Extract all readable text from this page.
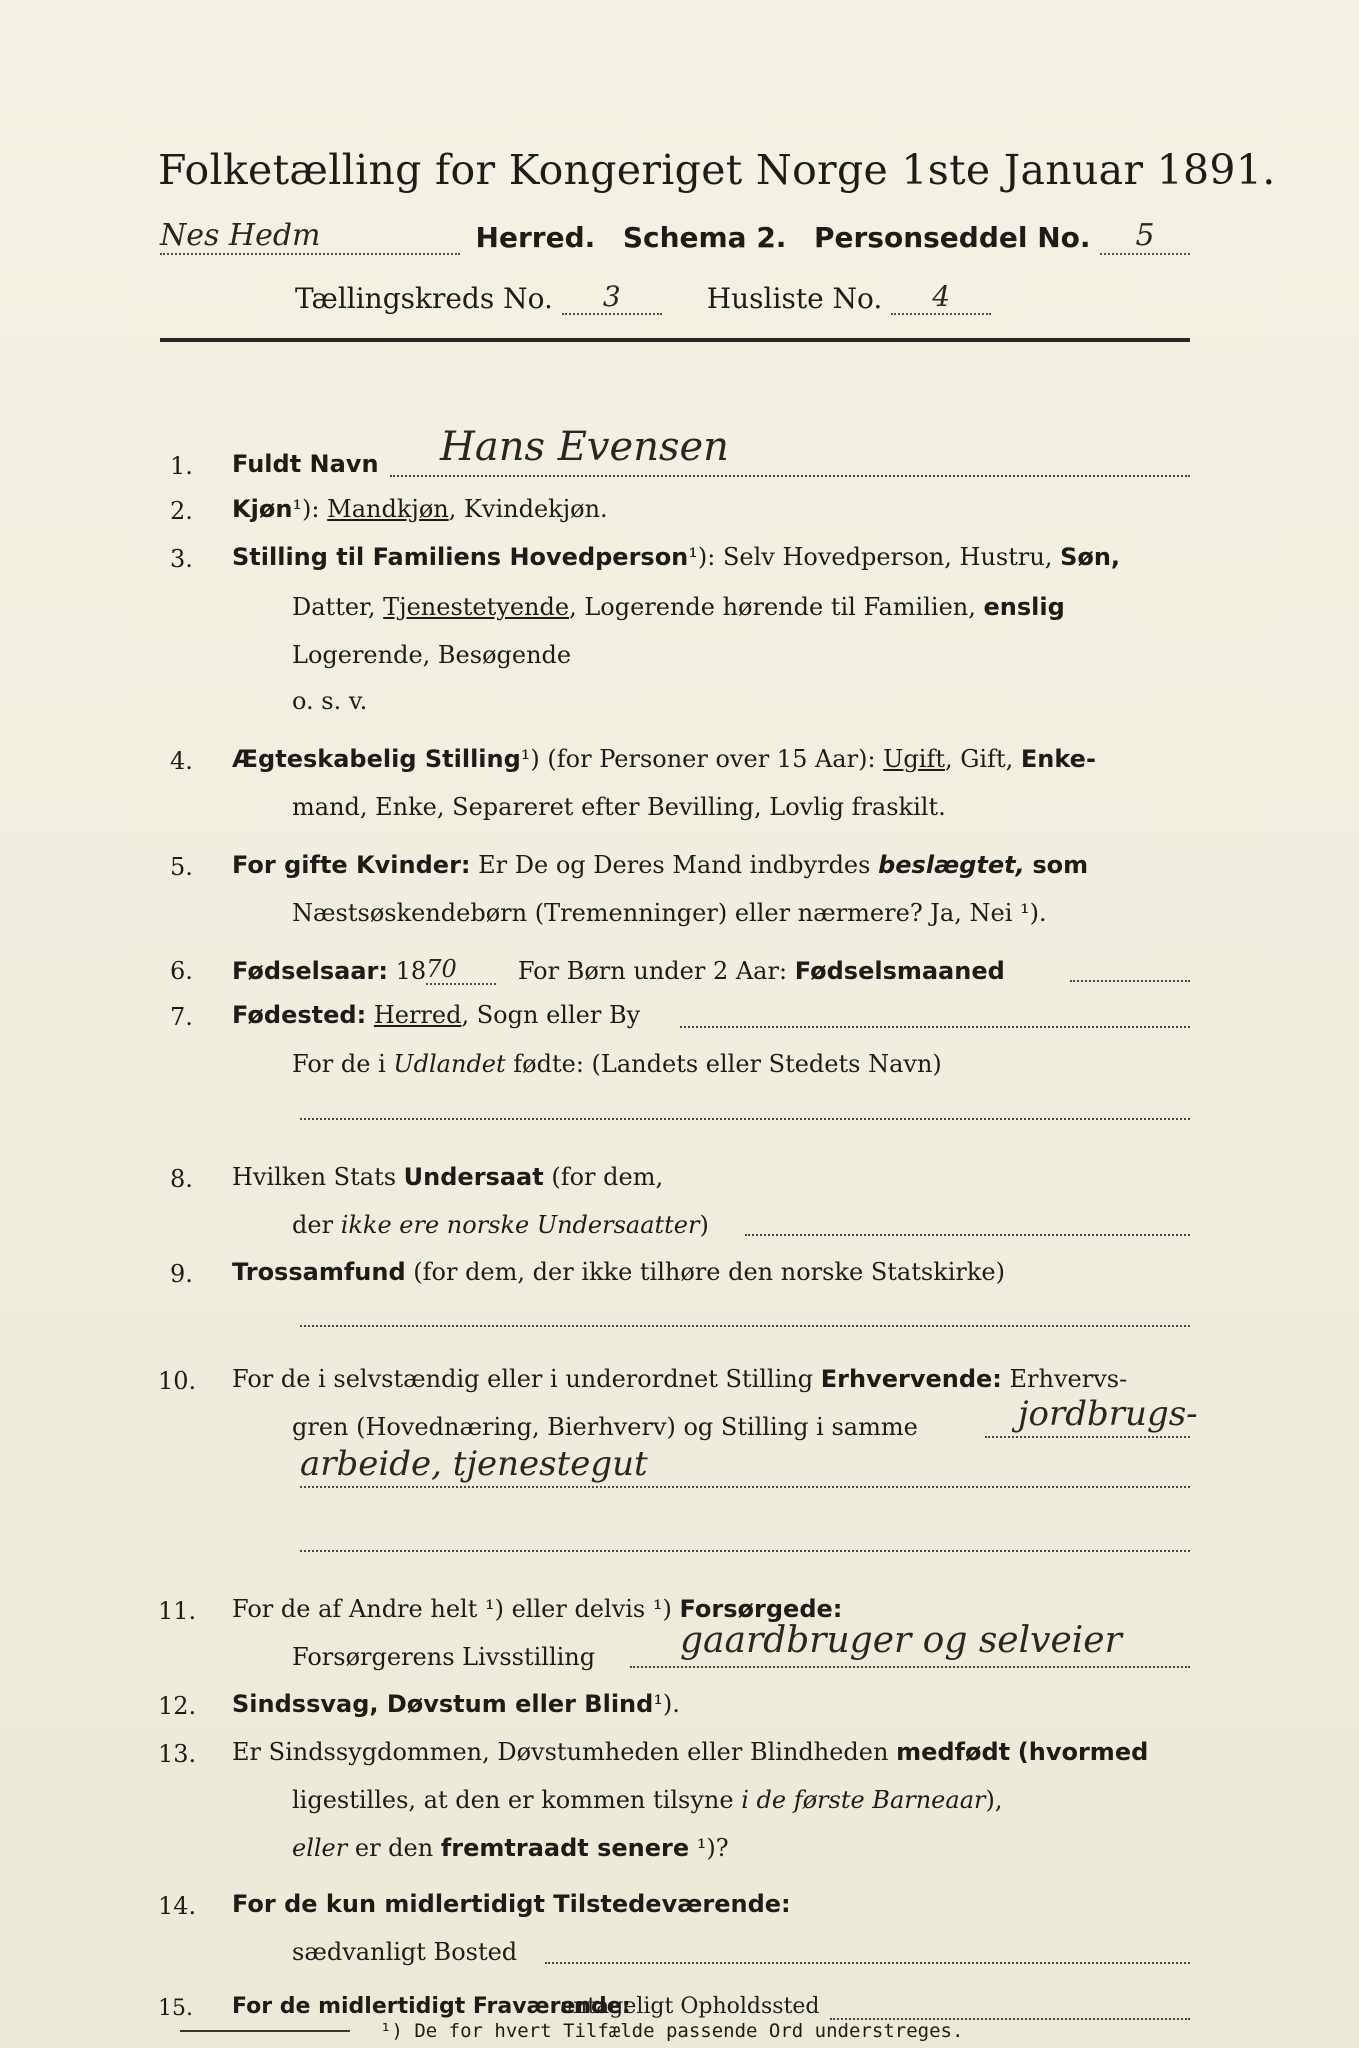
Folketælling for Kongeriget Norge 1ste Januar 1891.
Nes Hedm	Herred. Schema 2. Personseddel No. 5
Tællingskreds No. 3	Husliste No. 4
1. Fuldt Navn Hans Evensen
2. Kjøn¹): Mandkjøn, Kvindekjøn.
3. Stilling til Familiens Hovedperson¹): Selv Hovedperson, Hustru, Søn,
Datter, Tjenestetyende, Logerende hørende til Familien, enslig
Logerende, Besøgende
o. s. v.
4. Ægteskabelig Stilling¹) (for Personer over 15 Aar): Ugift, Gift, Enke-
mand, Enke, Separeret efter Bevilling, Lovlig fraskilt.
5. For gifte Kvinder: Er De og Deres Mand indbyrdes beslægtet, som
Næstsøskendebørn (Tremenninger) eller nærmere? Ja, Nei ¹).
6. Fødselsaar: 1870	For Børn under 2 Aar: Fødselsmaaned
7. Fødested: Herred, Sogn eller By
For de i Udlandet fødte: (Landets eller Stedets Navn)
8. Hvilken Stats Undersaat (for dem,
der ikke ere norske Undersaatter)
9. Trossamfund (for dem, der ikke tilhøre den norske Statskirke)
10. For de i selvstændig eller i underordnet Stilling Erhvervende: Erhvervs-
gren (Hovednæring, Bierhverv) og Stilling i samme	jordbrugs-
arbeide, tjenestegut
11. For de af Andre helt ¹) eller delvis ¹) Forsørgede:
Forsørgerens Livsstilling gaardbruger og selveier
12. Sindssvag, Døvstum eller Blind¹).
13. Er Sindssygdommen, Døvstumheden eller Blindheden medfødt (hvormed
ligestilles, at den er kommen tilsyne i de første Barneaar),
eller er den fremtraadt senere ¹)?
14. For de kun midlertidigt Tilstedeværende:
sædvanligt Bosted
15. For de midlertidigt Fraværende:
antageligt Opholdssted
¹) De for hvert Tilfælde passende Ord understreges.
